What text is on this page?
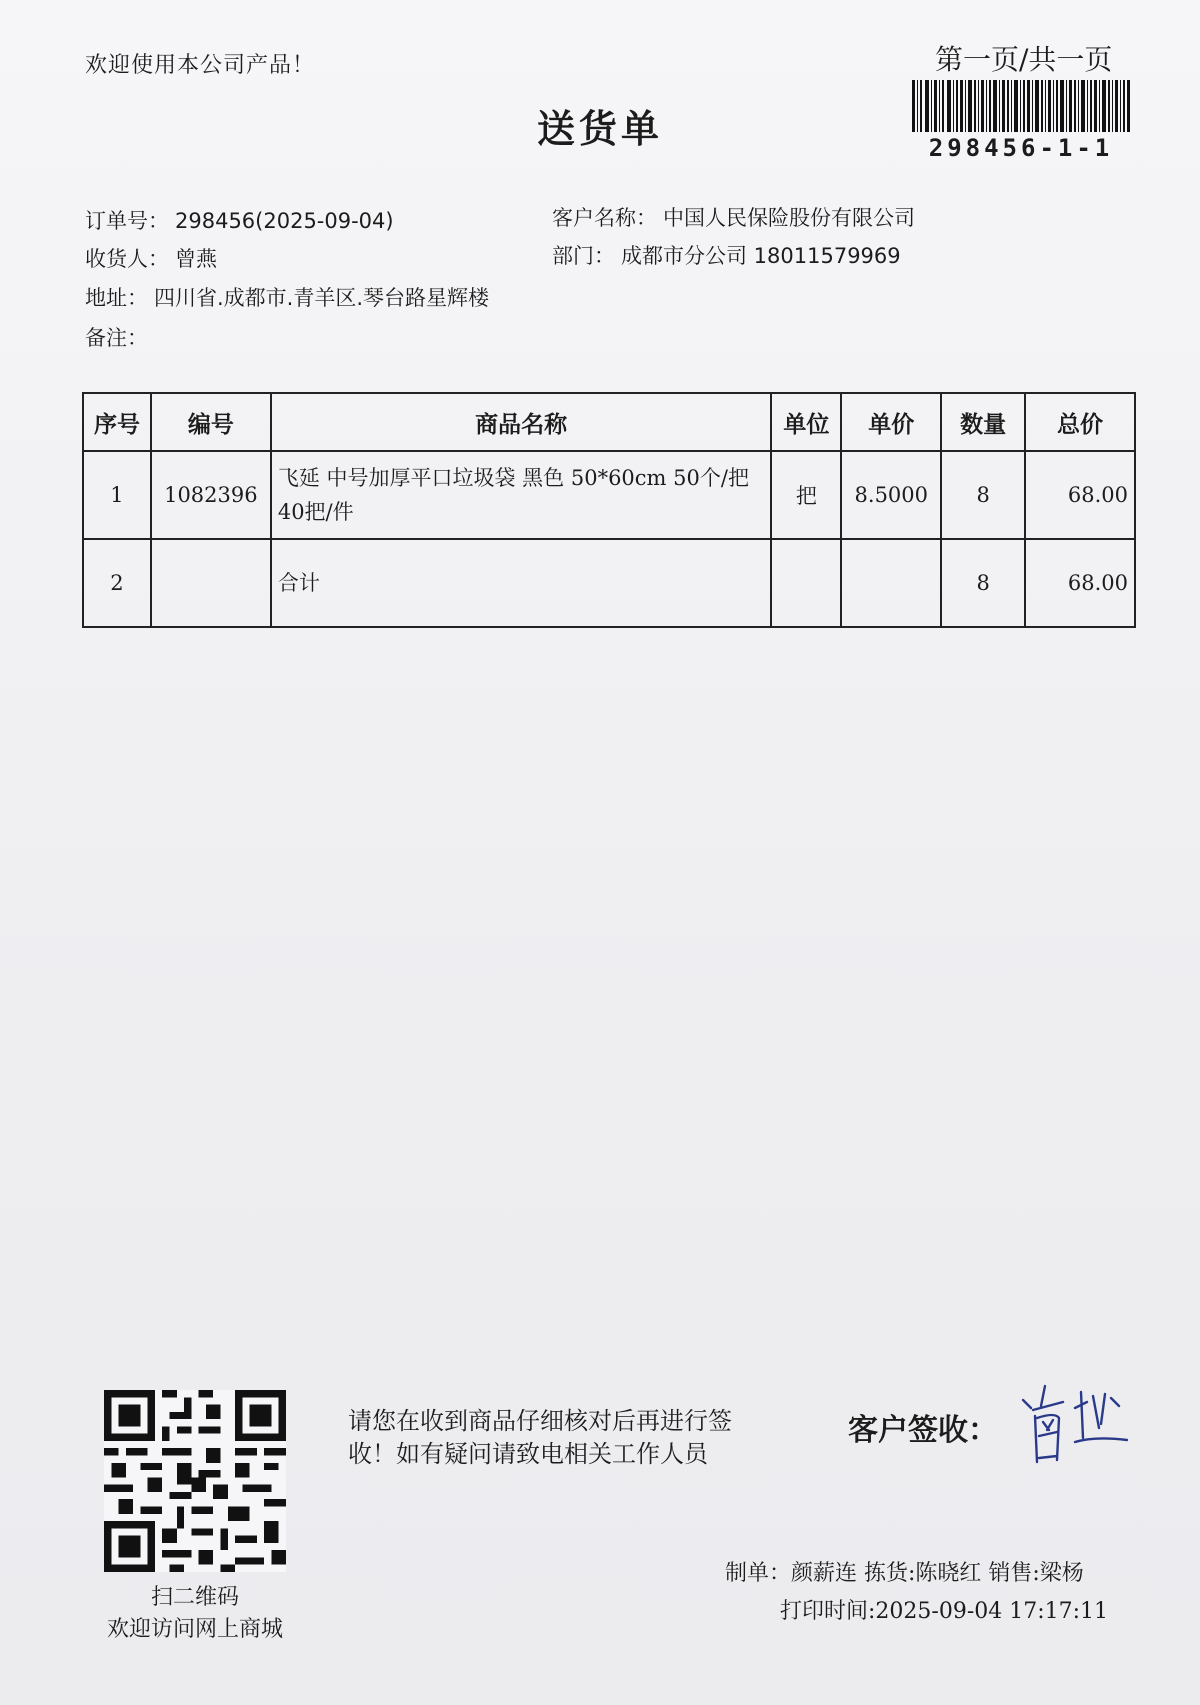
欢迎使用本公司产品！
送货单
第一页/共一页
298456-1-1
订单号： 298456(2025-09-04)
收货人： 曾燕
地址： 四川省.成都市.青羊区.琴台路星辉楼
备注：
客户名称： 中国人民保险股份有限公司
部门： 成都市分公司 18011579969
序号	编号	商品名称	单位	单价	数量	总价
1	1082396	飞延 中号加厚平口垃圾袋 黑色 50*60cm 50个/把 40把/件	把	8.5000	8	68.00
2		合计			8	68.00
扫二维码
欢迎访问网上商城
请您在收到商品仔细核对后再进行签收！如有疑问请致电相关工作人员
客户签收：
制单：颜薪连 拣货:陈晓红 销售:梁杨
打印时间:2025-09-04 17:17:11
